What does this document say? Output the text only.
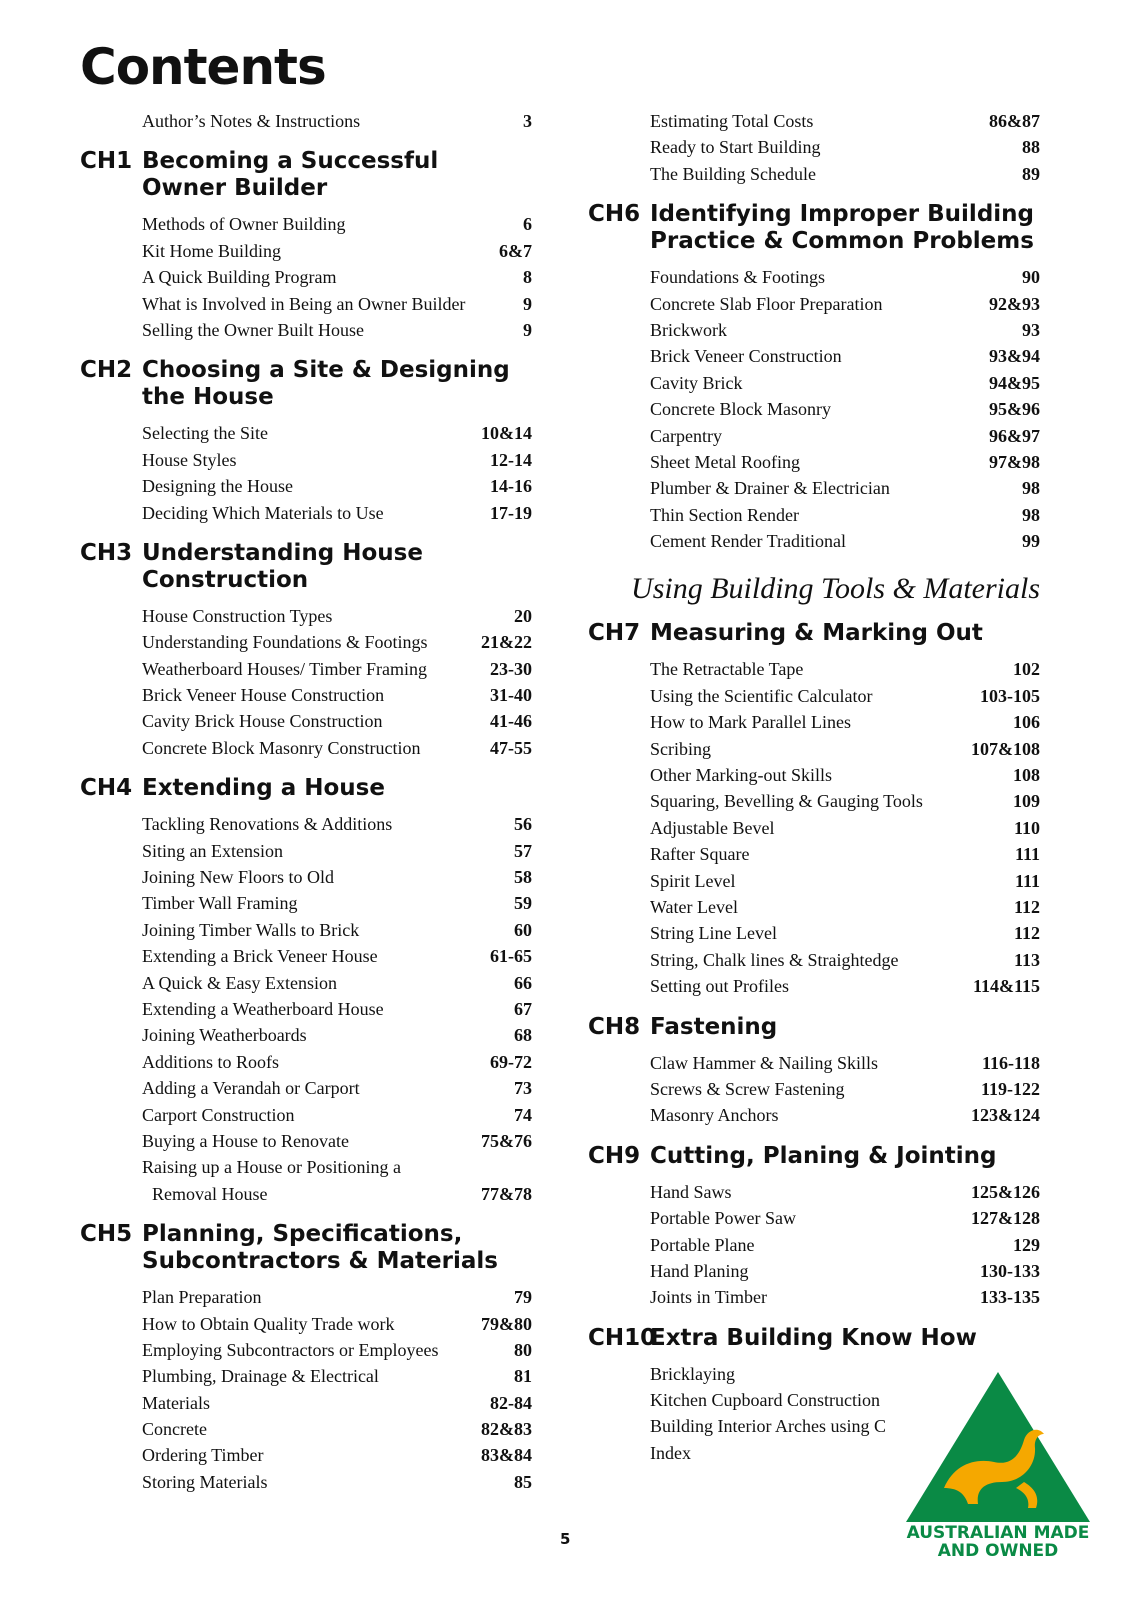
Contents
Author’s Notes & Instructions	3
CH1 Becoming a Successful
Owner Builder
Methods of Owner Building	6
Kit Home Building	6&7
A Quick Building Program	8
What is Involved in Being an Owner Builder	9
Selling the Owner Built House	9
CH2 Choosing a Site & Designing
the House
Selecting the Site	10&14
House Styles	12-14
Designing the House	14-16
Deciding Which Materials to Use	17-19
CH3 Understanding House
Construction
House Construction Types	20
Understanding Foundations & Footings	21&22
Weatherboard Houses/ Timber Framing	23-30
Brick Veneer House Construction	31-40
Cavity Brick House Construction	41-46
Concrete Block Masonry Construction	47-55
CH4 Extending a House
Tackling Renovations & Additions	56
Siting an Extension	57
Joining New Floors to Old	58
Timber Wall Framing	59
Joining Timber Walls to Brick	60
Extending a Brick Veneer House	61-65
A Quick & Easy Extension	66
Extending a Weatherboard House	67
Joining Weatherboards	68
Additions to Roofs	69-72
Adding a Verandah or Carport	73
Carport Construction	74
Buying a House to Renovate	75&76
Raising up a House or Positioning a
Removal House	77&78
CH5 Planning, Specifications,
Subcontractors & Materials
Plan Preparation	79
How to Obtain Quality Trade work	79&80
Employing Subcontractors or Employees	80
Plumbing, Drainage & Electrical	81
Materials	82-84
Concrete	82&83
Ordering Timber	83&84
Storing Materials	85
Estimating Total Costs	86&87
Ready to Start Building	88
The Building Schedule	89
CH6 Identifying Improper Building
Practice & Common Problems
Foundations & Footings	90
Concrete Slab Floor Preparation	92&93
Brickwork	93
Brick Veneer Construction	93&94
Cavity Brick	94&95
Concrete Block Masonry	95&96
Carpentry	96&97
Sheet Metal Roofing	97&98
Plumber & Drainer & Electrician	98
Thin Section Render	98
Cement Render Traditional	99
Using Building Tools & Materials
CH7 Measuring & Marking Out
The Retractable Tape	102
Using the Scientific Calculator	103-105
How to Mark Parallel Lines	106
Scribing	107&108
Other Marking-out Skills	108
Squaring, Bevelling & Gauging Tools	109
Adjustable Bevel	110
Rafter Square	111
Spirit Level	111
Water Level	112
String Line Level	112
String, Chalk lines & Straightedge	113
Setting out Profiles	114&115
CH8 Fastening
Claw Hammer & Nailing Skills	116-118
Screws & Screw Fastening	119-122
Masonry Anchors	123&124
CH9 Cutting, Planing & Jointing
Hand Saws	125&126
Portable Power Saw	127&128
Portable Plane	129
Hand Planing	130-133
Joints in Timber	133-135
CH10
Extra Building Know How
Bricklaying
Kitchen Cupboard Construction
Building Interior Arches using C
Index
5	AUSTRALIAN MADE
AND OWNED
